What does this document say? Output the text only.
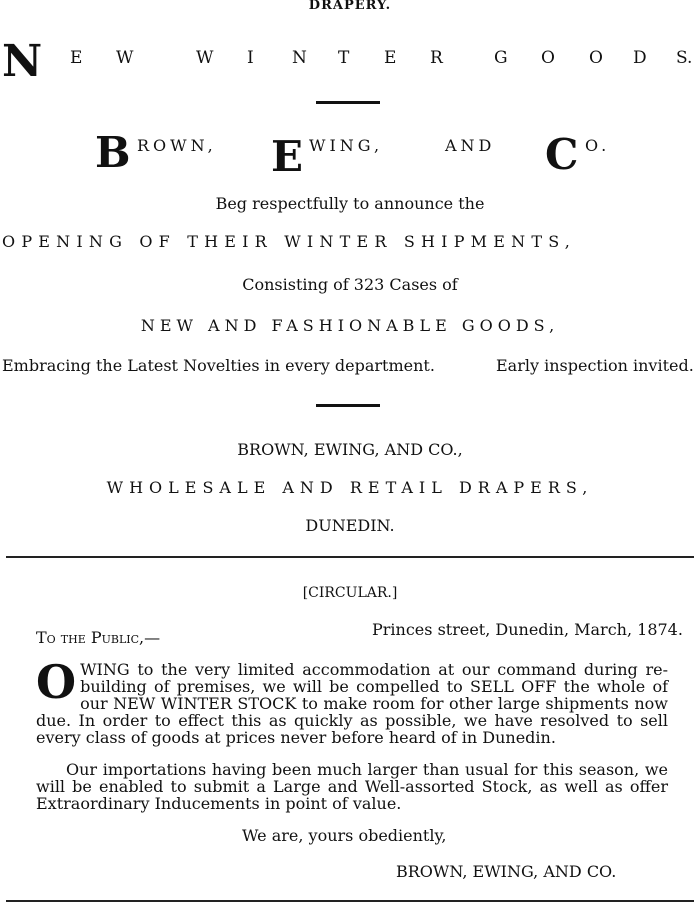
DRAPERY.
N E W	W I N T E R	G O O D S.
B ROWN, E WING,	AND C O.
Beg respectfully to announce the
OPENING OF THEIR WINTER SHIPMENTS,
Consisting of 323 Cases of
NEW AND FASHIONABLE GOODS,
Embracing the Latest Novelties in every department.	Early inspection invited.
BROWN, EWING, AND CO.,
WHOLESALE AND RETAIL DRAPERS,
DUNEDIN.
[CIRCULAR.]
Princes street, Dunedin, March, 1874.
To the Public,—
OWING to the very limited accommodation at our command during re-building of premises, we will be compelled to SELL OFF the whole of our NEW WINTER STOCK to make room for other large shipments now due. In order to effect this as quickly as possible, we have resolved to sell every class of goods at prices never before heard of in Dunedin.
Our importations having been much larger than usual for this season, we will be enabled to submit a Large and Well-assorted Stock, as well as offer Extraordinary Inducements in point of value.
We are, yours obediently,
BROWN, EWING, AND CO.
